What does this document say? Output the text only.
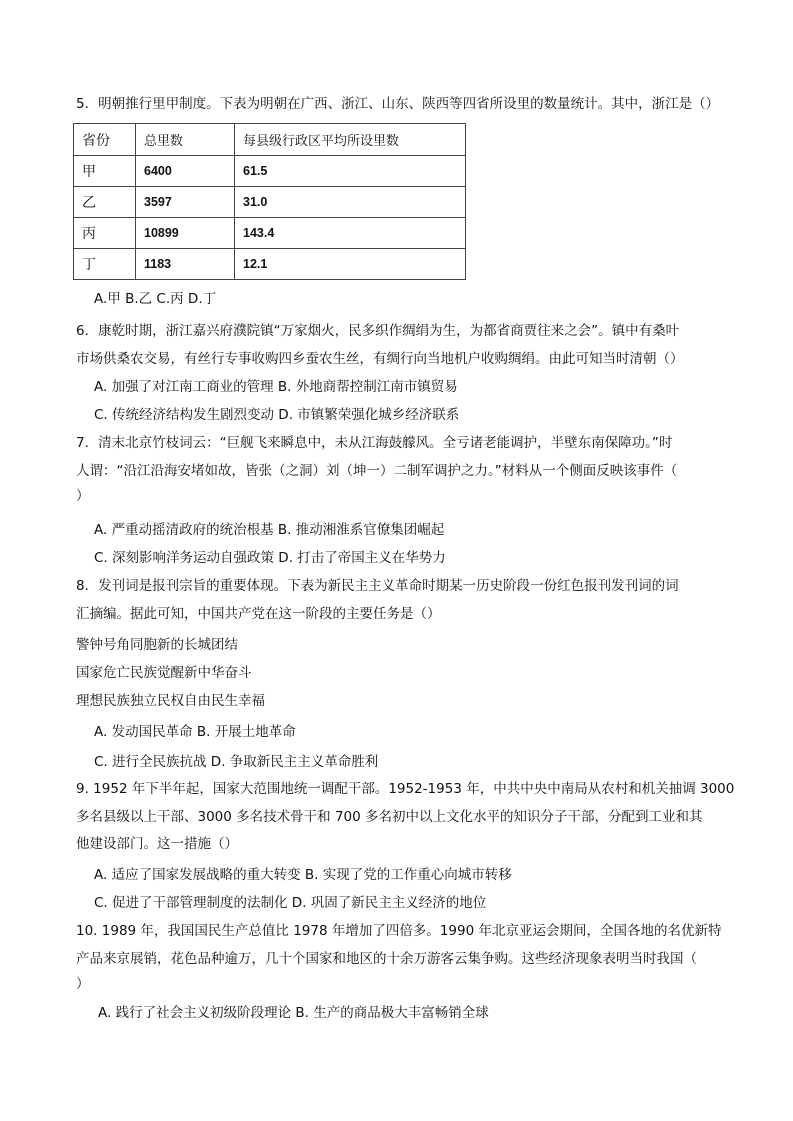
5．明朝推行里甲制度。下表为明朝在广西、浙江、山东、陕西等四省所设里的数量统计。其中，浙江是（）
省份	总里数	每县级行政区平均所设里数
甲	6400	61.5
乙	3597	31.0
丙	10899	143.4
丁	1183	12.1
A.甲 B.乙 C.丙 D.丁
6．康乾时期，浙江嘉兴府濮院镇“万家烟火，民多织作绸绢为生，为都省商贾往来之会”。镇中有桑叶
市场供桑农交易，有丝行专事收购四乡蚕农生丝，有绸行向当地机户收购绸绢。由此可知当时清朝（）
A. 加强了对江南工商业的管理 B. 外地商帮控制江南市镇贸易
C. 传统经济结构发生剧烈变动 D. 市镇繁荣强化城乡经济联系
7．清末北京竹枝词云：“巨舰飞来瞬息中，未从江海鼓艨风。全亏诸老能调护，半壁东南保障功。”时
人谓：“沿江沿海安堵如故，皆张（之洞）刘（坤一）二制军调护之力。”材料从一个侧面反映该事件（
）
A. 严重动摇清政府的统治根基 B. 推动湘淮系官僚集团崛起
C. 深刻影响洋务运动自强政策 D. 打击了帝国主义在华势力
8．发刊词是报刊宗旨的重要体现。下表为新民主主义革命时期某一历史阶段一份红色报刊发刊词的词
汇摘编。据此可知，中国共产党在这一阶段的主要任务是（）
警钟号角同胞新的长城团结
国家危亡民族觉醒新中华奋斗
理想民族独立民权自由民生幸福
A. 发动国民革命 B. 开展土地革命
C. 进行全民族抗战 D. 争取新民主主义革命胜利
9. 1952 年下半年起，国家大范围地统一调配干部。1952-1953 年，中共中央中南局从农村和机关抽调 3000
多名县级以上干部、3000 多名技术骨干和 700 多名初中以上文化水平的知识分子干部，分配到工业和其
他建设部门。这一措施（）
A. 适应了国家发展战略的重大转变 B. 实现了党的工作重心向城市转移
C. 促进了干部管理制度的法制化 D. 巩固了新民主主义经济的地位
10. 1989 年，我国国民生产总值比 1978 年增加了四倍多。1990 年北京亚运会期间，全国各地的名优新特
产品来京展销，花色品种逾万，几十个国家和地区的十余万游客云集争购。这些经济现象表明当时我国（
）
A. 践行了社会主义初级阶段理论 B. 生产的商品极大丰富畅销全球
